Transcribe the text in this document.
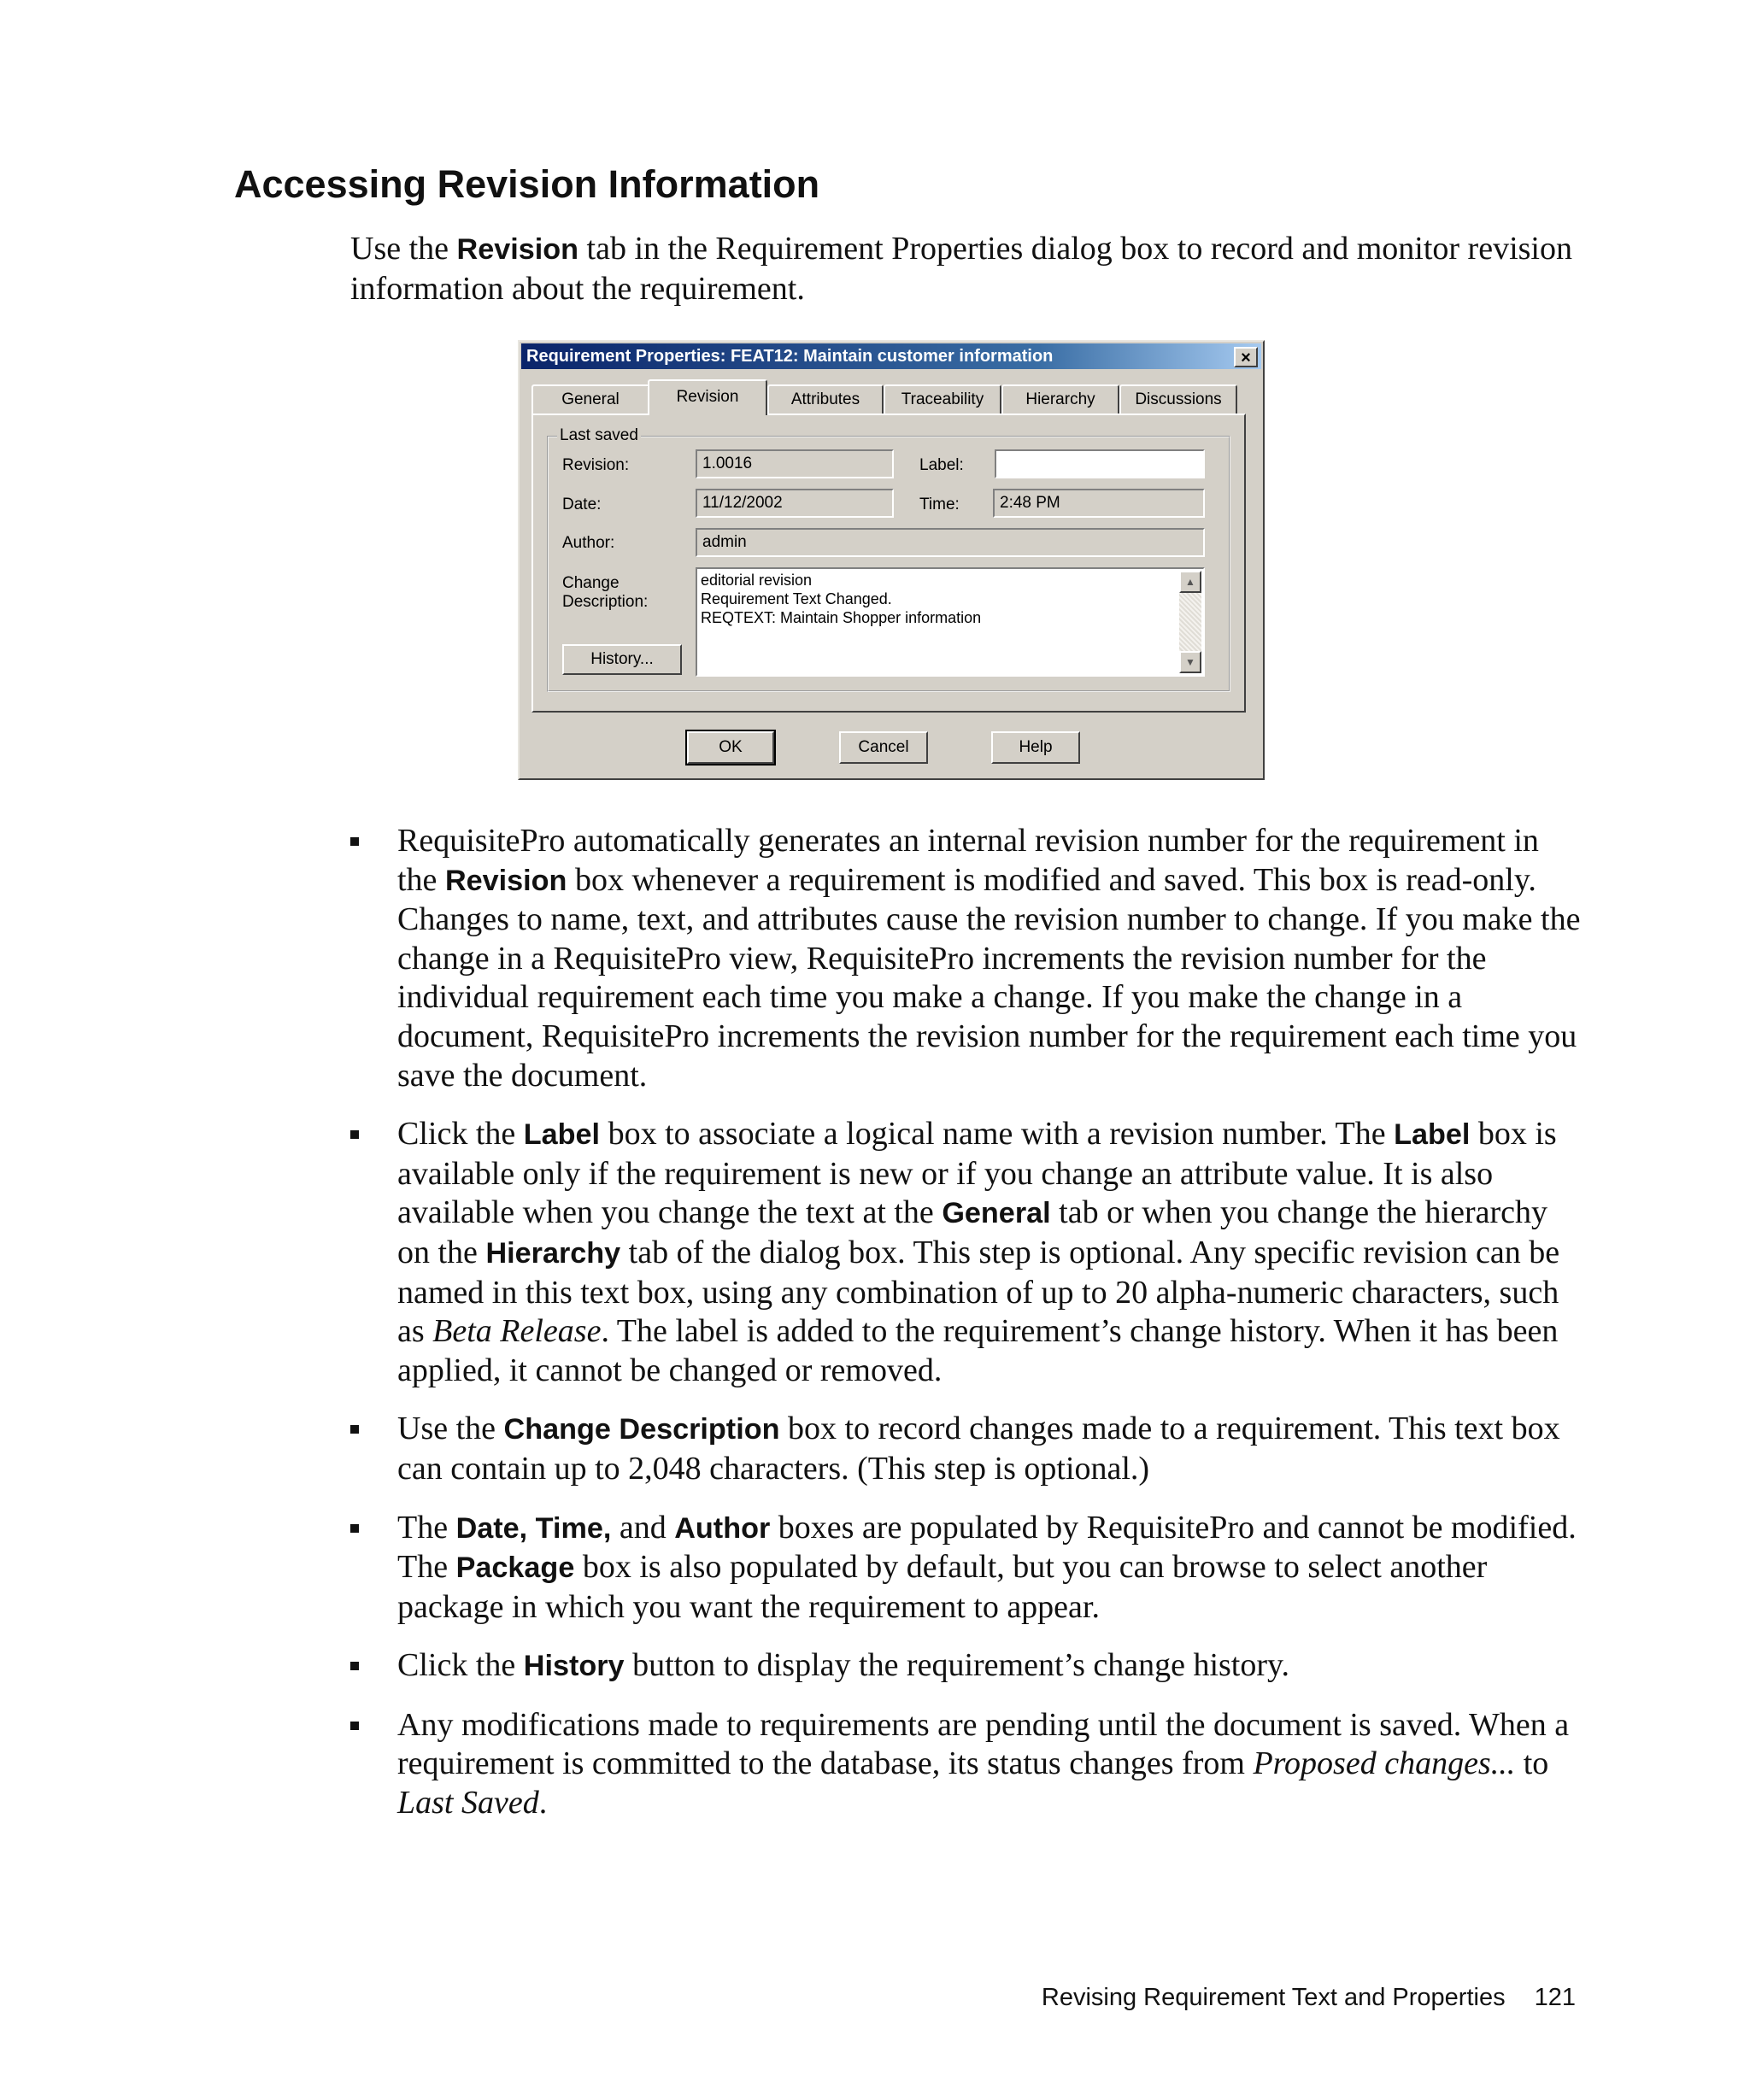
Accessing Revision Information

Use the Revision tab in the Requirement Properties dialog box to record and monitor revision information about the requirement.

Requirement Properties: FEAT12: Maintain customer information	×
General	Revision	Attributes	Traceability	Hierarchy	Discussions
Last saved
Revision:	1.0016	Label:
Date:	11/12/2002	Time:	2:48 PM
Author:	admin
Change
Description:
editorial revision
Requirement Text Changed.
REQTEXT: Maintain Shopper information
▲
▼
History...
OK	Cancel	Help
RequisitePro automatically generates an internal revision number for the requirement in the Revision box whenever a requirement is modified and saved. This box is read-only. Changes to name, text, and attributes cause the revision number to change. If you make the change in a RequisitePro view, RequisitePro increments the revision number for the individual requirement each time you make a change. If you make the change in a document, RequisitePro increments the revision number for the requirement each time you save the document.
Click the Label box to associate a logical name with a revision number. The Label box is available only if the requirement is new or if you change an attribute value. It is also available when you change the text at the General tab or when you change the hierarchy on the Hierarchy tab of the dialog box. This step is optional. Any specific revision can be named in this text box, using any combination of up to 20 alpha-numeric characters, such as Beta Release. The label is added to the requirement’s change history. When it has been applied, it cannot be changed or removed.
Use the Change Description box to record changes made to a requirement. This text box can contain up to 2,048 characters. (This step is optional.)
The Date, Time, and Author boxes are populated by RequisitePro and cannot be modified. The Package box is also populated by default, but you can browse to select another package in which you want the requirement to appear.
Click the History button to display the requirement’s change history.
Any modifications made to requirements are pending until the document is saved. When a requirement is committed to the database, its status changes from Proposed changes... to Last Saved.
Revising Requirement Text and Properties 121
